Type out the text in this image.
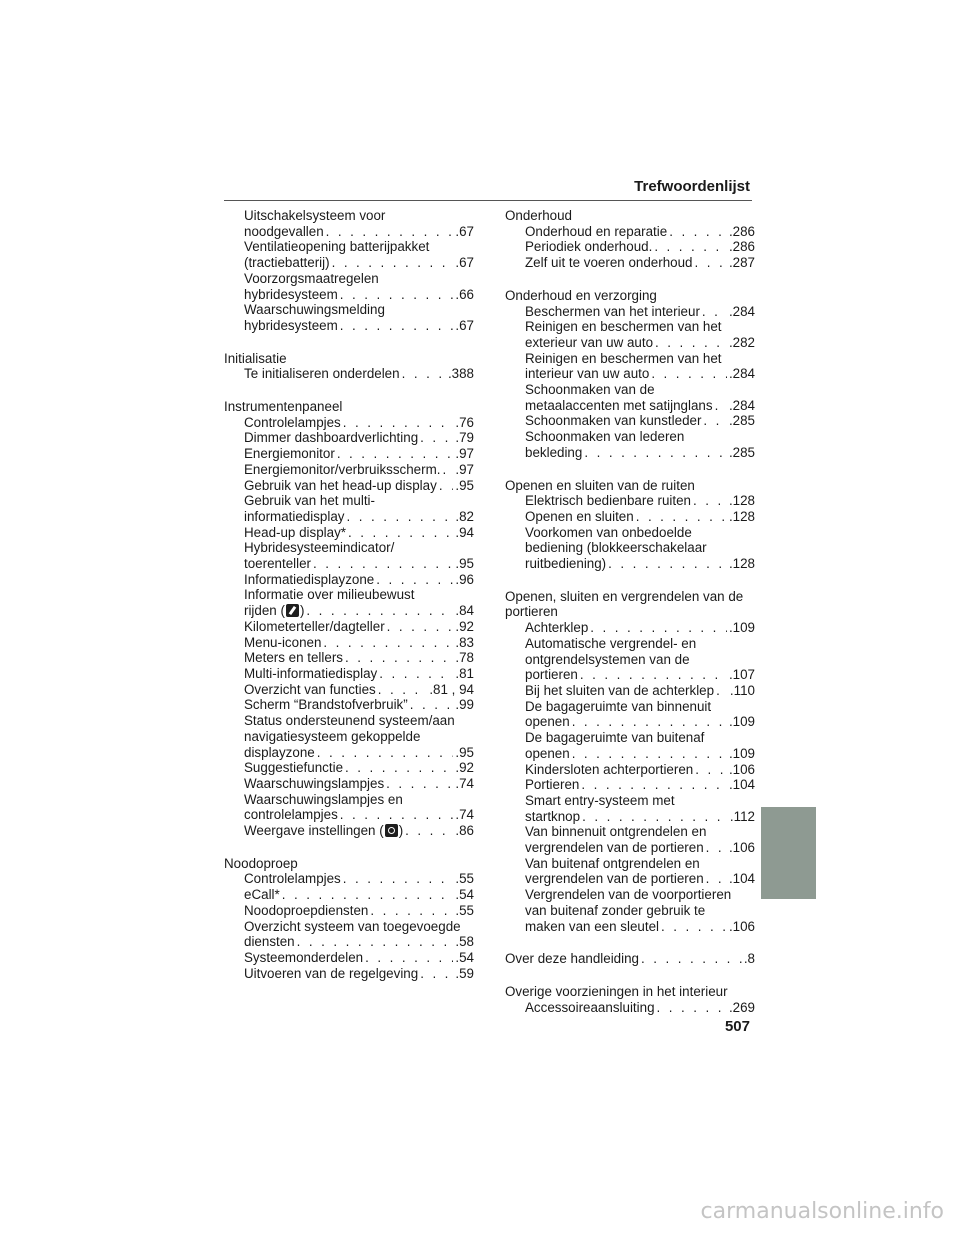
Trefwoordenlijst
Uitschakelsysteem voor
noodgevallen . . .	.67
Ventilatieopening batterijpakket
(tractiebatterij) . . .	.67
Voorzorgsmaatregelen
hybridesysteem . . .	.66
Waarschuwingsmelding
hybridesysteem . . .	.67
Initialisatie
Te initialiseren onderdelen . . .	.388
Instrumentenpaneel
Controlelampjes . . .	.76
Dimmer dashboardverlichting . . .	.79
Energiemonitor . . .	.97
Energiemonitor/verbruiksscherm. . . . .97
Gebruik van het head-up display . . . .95
Gebruik van het multi-
informatiedisplay . . .	.82
Head-up display* . . .	.94
Hybridesysteemindicator/
toerenteller . . .	.95
Informatiedisplayzone . . .	.96
Informatie over milieubewust
rijden ( ) . . .	.84
Kilometerteller/dagteller . . .	.92
Menu-iconen . . .	.83
Meters en tellers . . .	.78
Multi-informatiedisplay . . .	.81
Overzicht van functies . . .	.81 , 94
Scherm “Brandstofverbruik” . . .	.99
Status ondersteunend systeem/aan
navigatiesysteem gekoppelde
displayzone . . .	.95
Suggestiefunctie . . .	.92
Waarschuwingslampjes . . .	.74
Waarschuwingslampjes en
controlelampjes . . .	.74
Weergave instellingen ( ) . . .	.86
Noodoproep
Controlelampjes . . .	.55
eCall* . . .	.54
Noodoproepdiensten . . .	.55
Overzicht systeem van toegevoegde
diensten . . .	.58
Systeemonderdelen . . .	.54
Uitvoeren van de regelgeving . . .	.59
Onderhoud
Onderhoud en reparatie . . .	.286
Periodiek onderhoud. . . .	.286
Zelf uit te voeren onderhoud . . .	.287
Onderhoud en verzorging
Beschermen van het interieur . . . .284
Reinigen en beschermen van het
exterieur van uw auto . . .	.282
Reinigen en beschermen van het
interieur van uw auto . . .	.284
Schoonmaken van de
metaalaccenten met satijnglans . . . .284
Schoonmaken van kunstleder . . . .285
Schoonmaken van lederen
bekleding . . .	.285
Openen en sluiten van de ruiten
Elektrisch bedienbare ruiten . . .	.128
Openen en sluiten . . .	.128
Voorkomen van onbedoelde
bediening (blokkeerschakelaar
ruitbediening) . . .	.128
Openen, sluiten en vergrendelen van de
portieren
Achterklep . . .	.109
Automatische vergrendel- en
ontgrendelsystemen van de
portieren . . .	.107
Bij het sluiten van de achterklep . . . .110
De bagageruimte van binnenuit
openen . . .	.109
De bagageruimte van buitenaf
openen . . .	.109
Kindersloten achterportieren . . .	.106
Portieren . . .	.104
Smart entry-systeem met
startknop . . .	.112
Van binnenuit ontgrendelen en
vergrendelen van de portieren . . . .106
Van buitenaf ontgrendelen en
vergrendelen van de portieren . . . .104
Vergrendelen van de voorportieren
van buitenaf zonder gebruik te
maken van een sleutel . . .	.106
Over deze handleiding . . .	.8
Overige voorzieningen in het interieur
Accessoireaansluiting . . .	.269
507
carmanualsonline.info
